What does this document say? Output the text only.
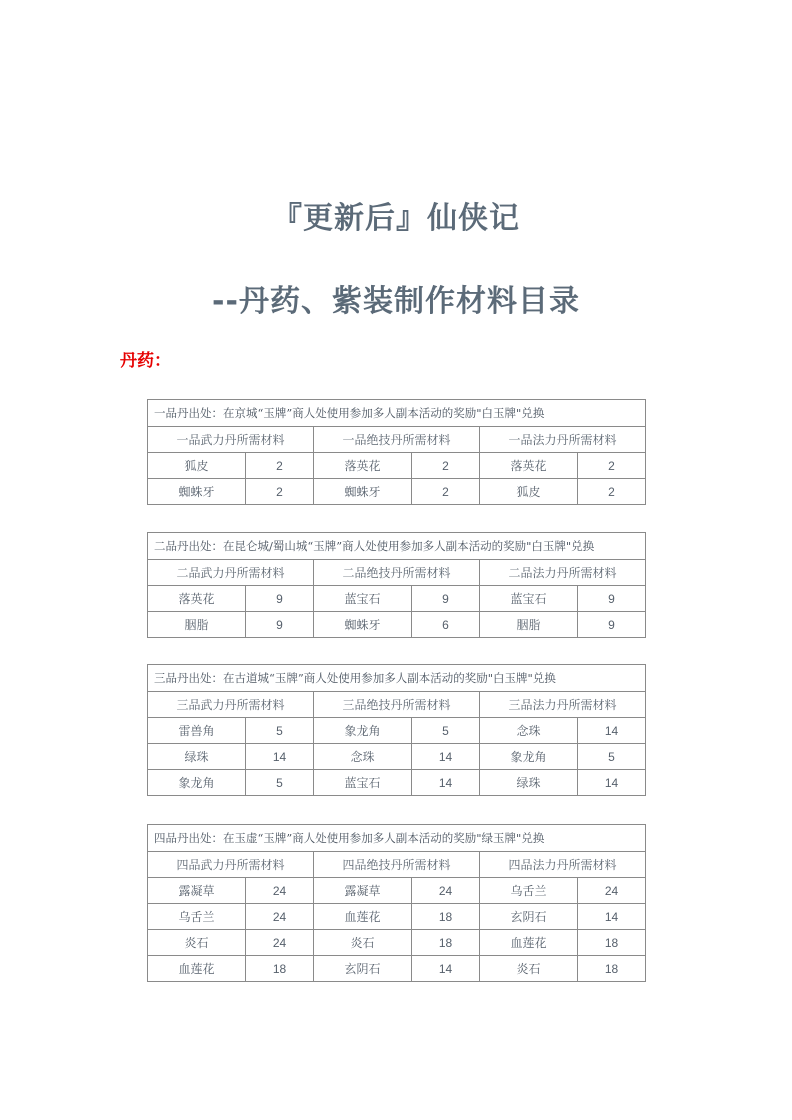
『更新后』仙侠记
--丹药、紫装制作材料目录
丹药：
一品丹出处：在京城“玉牌”商人处使用参加多人副本活动的奖励"白玉牌"兑换					
一品武力丹所需材料		一品绝技丹所需材料		一品法力丹所需材料	
狐皮	2	落英花	2	落英花	2
蜘蛛牙	2	蜘蛛牙	2	狐皮	2
二品丹出处：在昆仑城/蜀山城“玉牌”商人处使用参加多人副本活动的奖励"白玉牌"兑换					
二品武力丹所需材料		二品绝技丹所需材料		二品法力丹所需材料	
落英花	9	蓝宝石	9	蓝宝石	9
胭脂	9	蜘蛛牙	6	胭脂	9
三品丹出处：在古道城“玉牌”商人处使用参加多人副本活动的奖励"白玉牌"兑换					
三品武力丹所需材料		三品绝技丹所需材料		三品法力丹所需材料	
雷兽角	5	象龙角	5	念珠	14
绿珠	14	念珠	14	象龙角	5
象龙角	5	蓝宝石	14	绿珠	14
四品丹出处：在玉虚“玉牌”商人处使用参加多人副本活动的奖励"绿玉牌"兑换					
四品武力丹所需材料		四品绝技丹所需材料		四品法力丹所需材料	
露凝草	24	露凝草	24	乌舌兰	24
乌舌兰	24	血莲花	18	玄阴石	14
炎石	24	炎石	18	血莲花	18
血莲花	18	玄阴石	14	炎石	18
